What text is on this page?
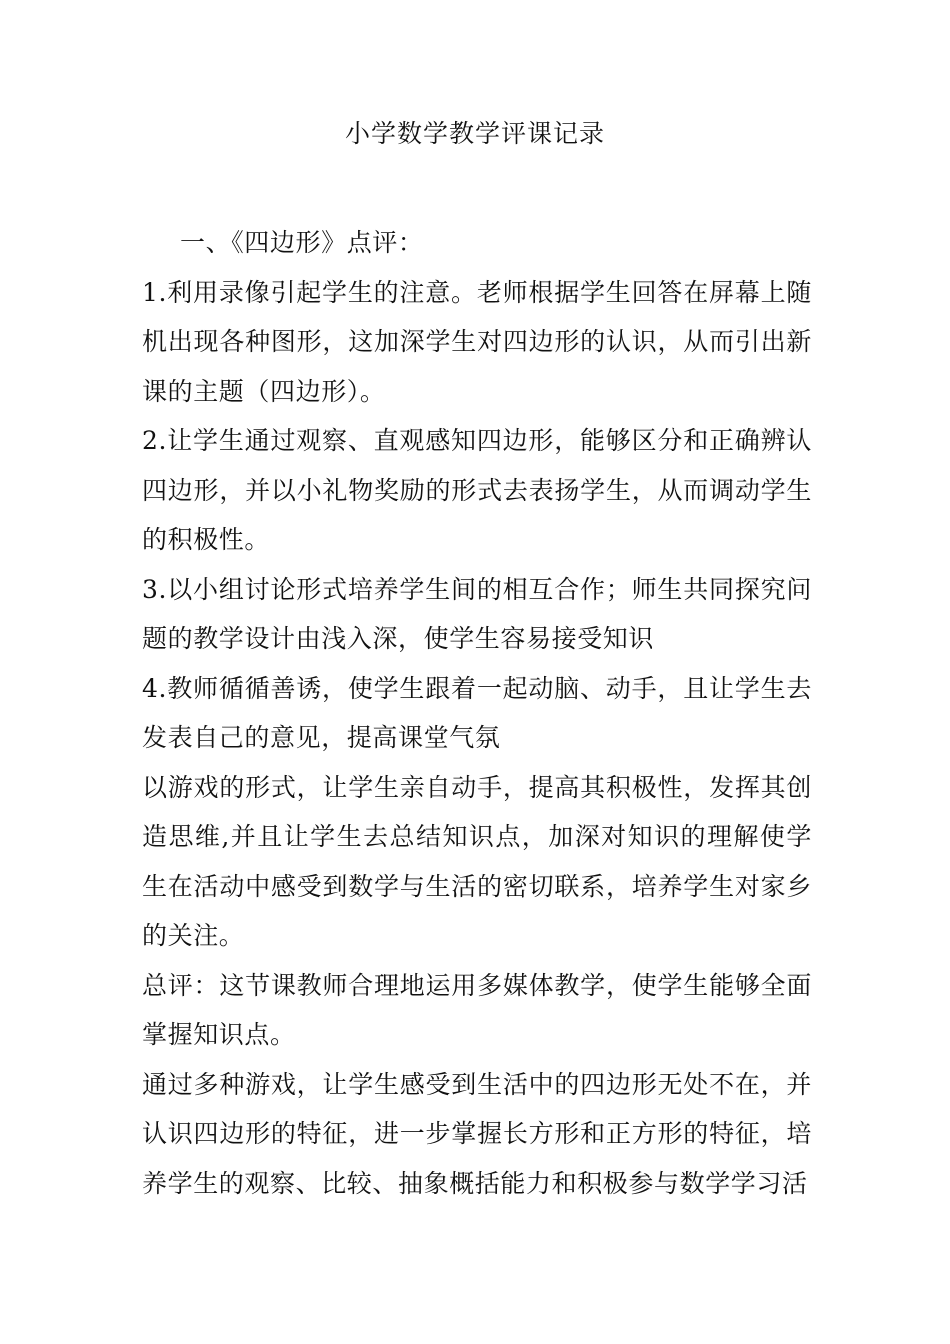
小学数学教学评课记录

一、《四边形》点评：

1.利用录像引起学生的注意。老师根据学生回答在屏幕上随机出现各种图形，这加深学生对四边形的认识，从而引出新课的主题（四边形）。

2.让学生通过观察、直观感知四边形，能够区分和正确辨认四边形，并以小礼物奖励的形式去表扬学生，从而调动学生的积极性。

3.以小组讨论形式培养学生间的相互合作；师生共同探究问题的教学设计由浅入深，使学生容易接受知识

4.教师循循善诱，使学生跟着一起动脑、动手，且让学生去发表自己的意见，提高课堂气氛

以游戏的形式，让学生亲自动手，提高其积极性，发挥其创造思维,并且让学生去总结知识点，加深对知识的理解使学生在活动中感受到数学与生活的密切联系，培养学生对家乡的关注。

总评：这节课教师合理地运用多媒体教学，使学生能够全面掌握知识点。

通过多种游戏，让学生感受到生活中的四边形无处不在，并认识四边形的特征，进一步掌握长方形和正方形的特征，培养学生的观察、比较、抽象概括能力和积极参与数学学习活
